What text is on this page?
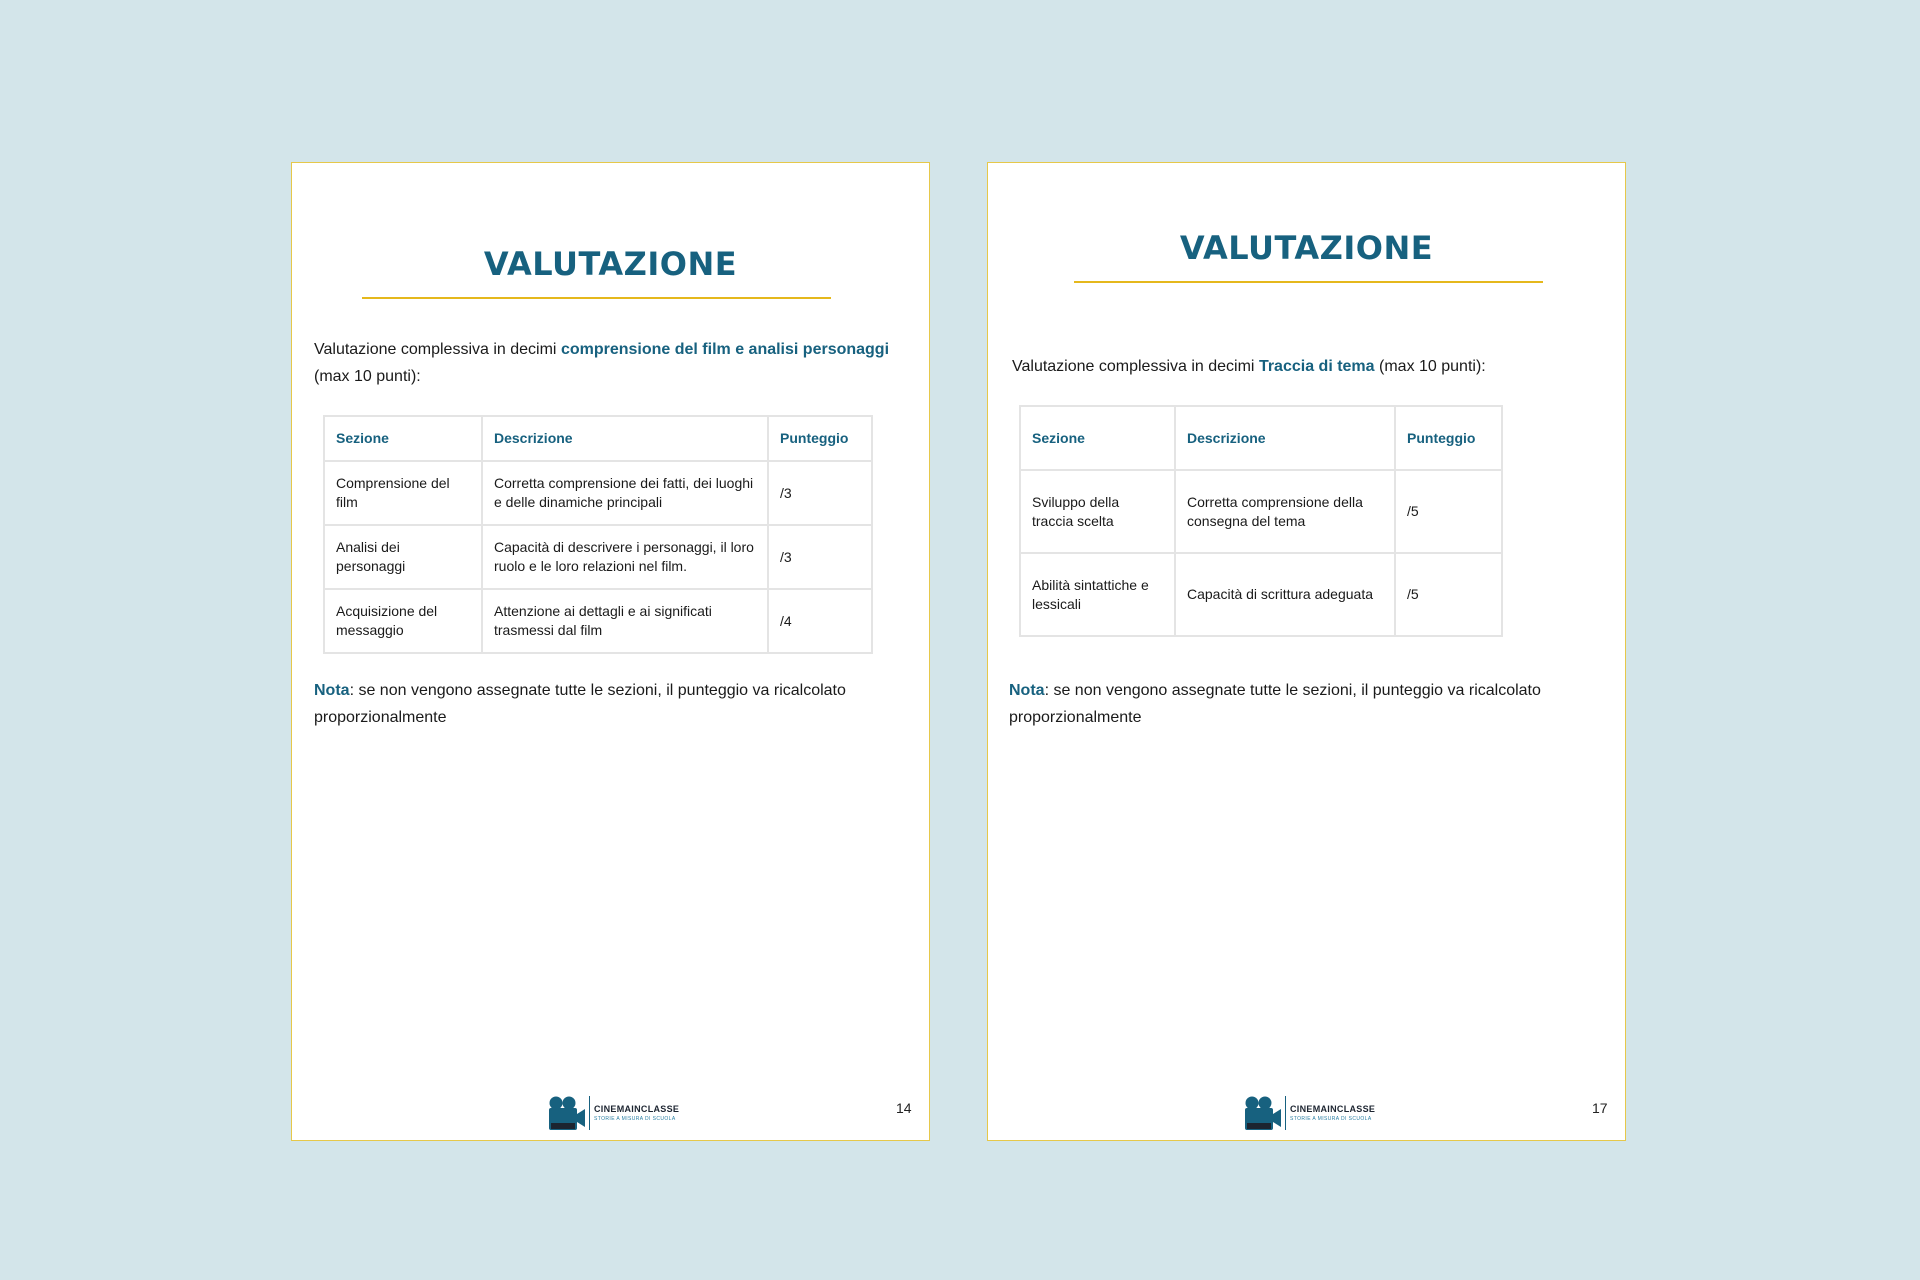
VALUTAZIONE
Valutazione complessiva in decimi comprensione del film e analisi personaggi
(max 10 punti):
Sezione	Descrizione	Punteggio
Comprensione del film	Corretta comprensione dei fatti, dei luoghi e delle dinamiche principali	/3
Analisi dei personaggi	Capacità di descrivere i personaggi, il loro ruolo e le loro relazioni nel film.	/3
Acquisizione del messaggio	Attenzione ai dettagli e ai significati trasmessi dal film	/4
Nota: se non vengono assegnate tutte le sezioni, il punteggio va ricalcolato proporzionalmente
CINEMAINCLASSE
STORIE A MISURA DI SCUOLA
14
VALUTAZIONE
Valutazione complessiva in decimi Traccia di tema (max 10 punti):
Sezione	Descrizione	Punteggio
Sviluppo della traccia scelta	Corretta comprensione della consegna del tema	/5
Abilità sintattiche e lessicali	Capacità di scrittura adeguata	/5
Nota: se non vengono assegnate tutte le sezioni, il punteggio va ricalcolato proporzionalmente
CINEMAINCLASSE
STORIE A MISURA DI SCUOLA
17
